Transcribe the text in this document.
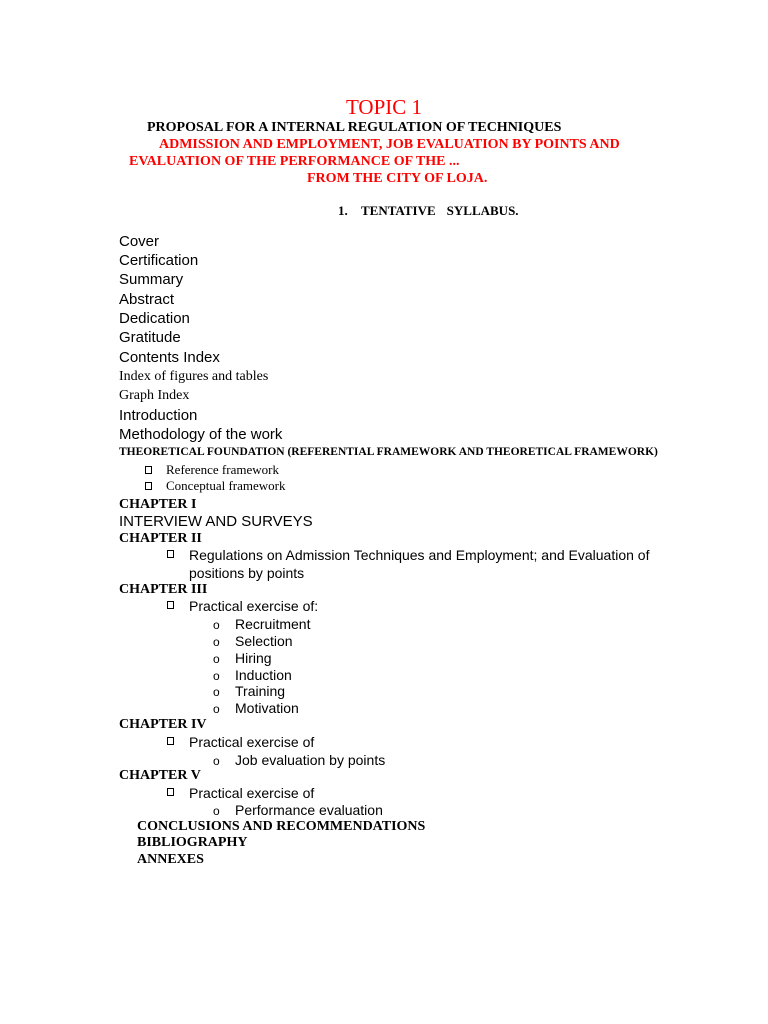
TOPIC 1
PROPOSAL FOR A INTERNAL REGULATION OF TECHNIQUES
ADMISSION AND EMPLOYMENT, JOB EVALUATION BY POINTS AND
EVALUATION OF THE PERFORMANCE OF THE ...
FROM THE CITY OF LOJA.
1. TENTATIVE SYLLABUS.
Cover
Certification
Summary
Abstract
Dedication
Gratitude
Contents Index
Index of figures and tables
Graph Index
Introduction
Methodology of the work
THEORETICAL FOUNDATION (REFERENTIAL FRAMEWORK AND THEORETICAL FRAMEWORK)
Reference framework
Conceptual framework
CHAPTER I
INTERVIEW AND SURVEYS
CHAPTER II
Regulations on Admission Techniques and Employment; and Evaluation of
positions by points
CHAPTER III
Practical exercise of:
o Recruitment
o Selection
o Hiring
o Induction
o Training
o Motivation
CHAPTER IV
Practical exercise of
o Job evaluation by points
CHAPTER V
Practical exercise of
o Performance evaluation
CONCLUSIONS AND RECOMMENDATIONS
BIBLIOGRAPHY
ANNEXES
